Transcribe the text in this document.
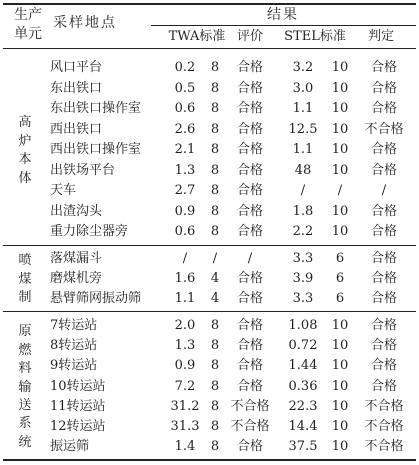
生产单元
采样地点	结果
TWA标准 评价 STEL标准 判定
高
炉
本
体
风口平台	0.2 8 合格 3.2 10 合格
东出铁口	0.5 8 合格 3.0 10 合格
东出铁口操作室	0.6 8 合格 1.1 10 合格
西出铁口	2.6 8 合格 12.5 10 不合格
西出铁口操作室	2.1 8 合格 1.1 10 合格
出铁场平台	1.3 8 合格 48 10 合格
天车	2.7 8 合格	/	/	/
出渣沟头	0.9 8 合格 1.8 10 合格
重力除尘器旁	0.6 8 合格 2.2 10 合格
喷
煤
制
落煤漏斗	/ / /	3.3 6 合格
磨煤机旁	1.6 4 合格 3.9 6 合格
悬臂筛网振动筛	1.1 4 合格 3.3 6 合格
原
燃
料
输
送
系
统
7转运站	2.0 8 合格 1.08 10 合格
8转运站	1.3 8 合格 0.72 10 合格
9转运站	0.9 8 合格 1.44 10 合格
10转运站	7.2 8 合格 0.36 10 合格
11转运站	31.2 8 不合格 22.3 10 不合格
12转运站	31.3 8 不合格 14.4 10 不合格
振运筛	1.4 8 合格 37.5 10 不合格
